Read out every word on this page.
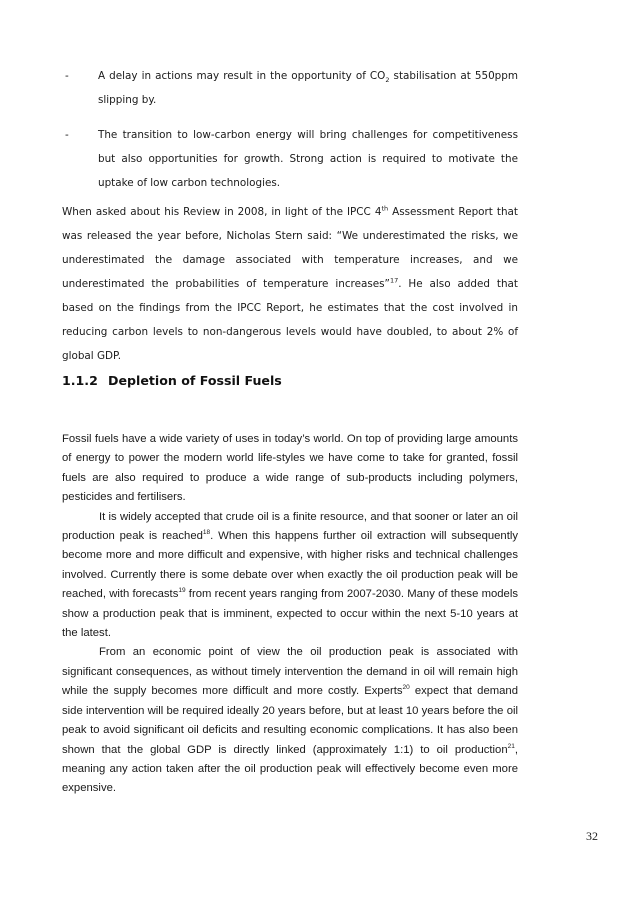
-	A delay in actions may result in the opportunity of $CO_2$ stabilisation at 550ppm slipping by.
-	The transition to low-carbon energy will bring challenges for competitiveness but also opportunities for growth. Strong action is required to motivate the uptake of low carbon technologies.

When asked about his Review in 2008, in light of the IPCC 4th Assessment Report that was released the year before, Nicholas Stern said: “We underestimated the risks, we underestimated the damage associated with temperature increases, and we underestimated the probabilities of temperature increases”$^{17}$. He also added that based on the findings from the IPCC Report, he estimates that the cost involved in reducing carbon levels to non-dangerous levels would have doubled, to about 2% of global GDP.

1.1.2 Depletion of Fossil Fuels

Fossil fuels have a wide variety of uses in today’s world. On top of providing large amounts of energy to power the modern world life-styles we have come to take for granted, fossil fuels are also required to produce a wide range of sub-products including polymers, pesticides and fertilisers.

It is widely accepted that crude oil is a finite resource, and that sooner or later an oil production peak is reached$^{18}$. When this happens further oil extraction will subsequently become more and more difficult and expensive, with higher risks and technical challenges involved. Currently there is some debate over when exactly the oil production peak will be reached, with forecasts$^{19}$ from recent years ranging from 2007-2030. Many of these models show a production peak that is imminent, expected to occur within the next 5-10 years at the latest.

From an economic point of view the oil production peak is associated with significant consequences, as without timely intervention the demand in oil will remain high while the supply becomes more difficult and more costly. Experts$^{20}$ expect that demand side intervention will be required ideally 20 years before, but at least 10 years before the oil peak to avoid significant oil deficits and resulting economic complications. It has also been shown that the global GDP is directly linked (approximately 1:1) to oil production$^{21}$, meaning any action taken after the oil production peak will effectively become even more expensive.

32
